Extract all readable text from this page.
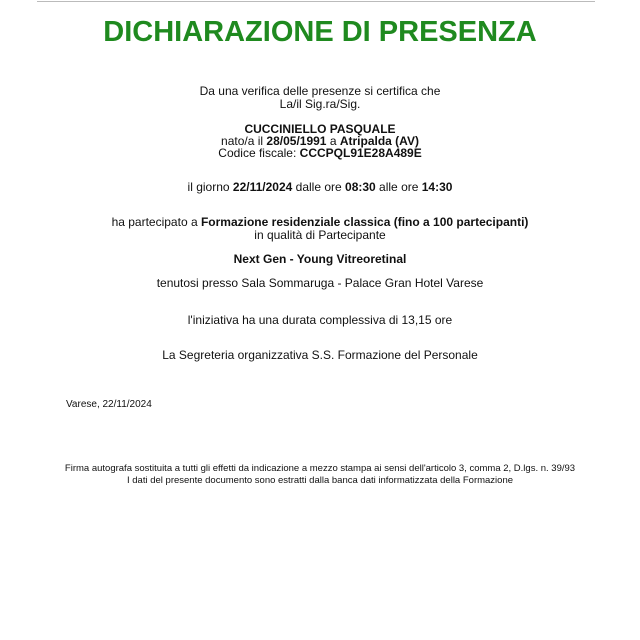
DICHIARAZIONE DI PRESENZA
Da una verifica delle presenze si certifica che
La/il Sig.ra/Sig.
CUCCINIELLO PASQUALE
nato/a il 28/05/1991 a Atripalda (AV)
Codice fiscale: CCCPQL91E28A489E
il giorno 22/11/2024 dalle ore 08:30 alle ore 14:30
ha partecipato a Formazione residenziale classica (fino a 100 partecipanti)
in qualità di Partecipante
Next Gen - Young Vitreoretinal
tenutosi presso Sala Sommaruga - Palace Gran Hotel Varese
l'iniziativa ha una durata complessiva di 13,15 ore
La Segreteria organizzativa S.S. Formazione del Personale
Varese, 22/11/2024
Firma autografa sostituita a tutti gli effetti da indicazione a mezzo stampa ai sensi dell'articolo 3, comma 2, D.lgs. n. 39/93
I dati del presente documento sono estratti dalla banca dati informatizzata della Formazione
